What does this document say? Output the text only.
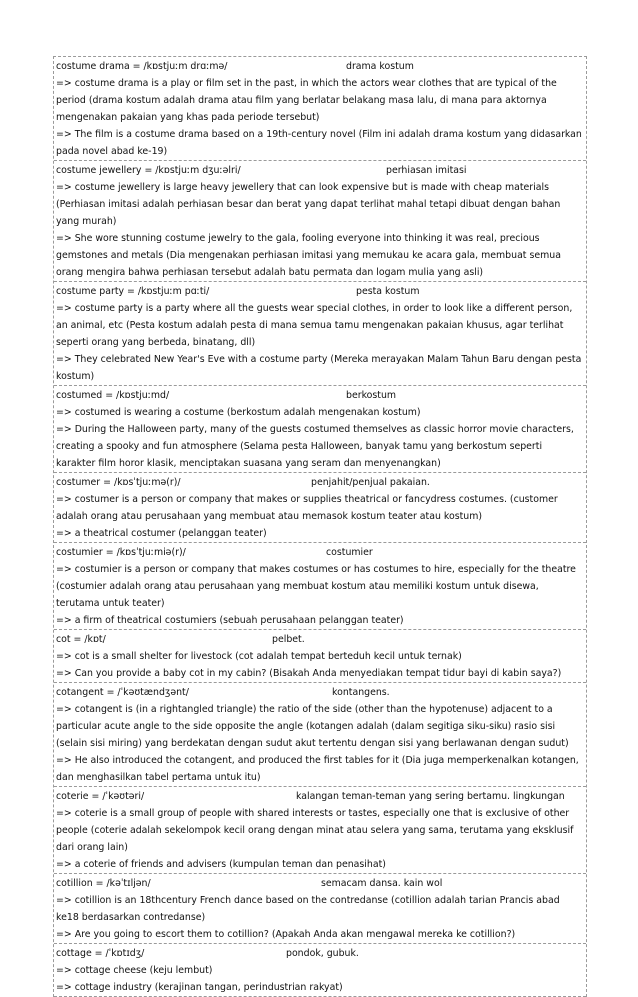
costume drama = /kɒstjuːm drɑːmə/	drama kostum

=> costume drama is a play or film set in the past, in which the actors wear clothes that are typical of the period (drama kostum adalah drama atau film yang berlatar belakang masa lalu, di mana para aktornya mengenakan pakaian yang khas pada periode tersebut)

=> The film is a costume drama based on a 19th-century novel (Film ini adalah drama kostum yang didasarkan pada novel abad ke-19)

costume jewellery = /kɒstjuːm dʒuːəlri/	perhiasan imitasi

=> costume jewellery is large heavy jewellery that can look expensive but is made with cheap materials (Perhiasan imitasi adalah perhiasan besar dan berat yang dapat terlihat mahal tetapi dibuat dengan bahan yang murah)

=> She wore stunning costume jewelry to the gala, fooling everyone into thinking it was real, precious gemstones and metals (Dia mengenakan perhiasan imitasi yang memukau ke acara gala, membuat semua orang mengira bahwa perhiasan tersebut adalah batu permata dan logam mulia yang asli)

costume party = /kɒstjuːm pɑːti/	pesta kostum

=> costume party is a party where all the guests wear special clothes, in order to look like a different person, an animal, etc (Pesta kostum adalah pesta di mana semua tamu mengenakan pakaian khusus, agar terlihat seperti orang yang berbeda, binatang, dll)

=> They celebrated New Year's Eve with a costume party (Mereka merayakan Malam Tahun Baru dengan pesta kostum)

costumed = /kɒstjuːmd/	berkostum

=> costumed is wearing a costume (berkostum adalah mengenakan kostum)

=> During the Halloween party, many of the guests costumed themselves as classic horror movie characters, creating a spooky and fun atmosphere (Selama pesta Halloween, banyak tamu yang berkostum seperti karakter film horor klasik, menciptakan suasana yang seram dan menyenangkan)

costumer = /kɒsˈtjuːmə(r)/	penjahit/penjual pakaian.

=> costumer is a person or company that makes or supplies theatrical or fancydress costumes. (customer adalah orang atau perusahaan yang membuat atau memasok kostum teater atau kostum)

=> a theatrical costumer (pelanggan teater)

costumier = /kɒsˈtjuːmiə(r)/	costumier

=> costumier is a person or company that makes costumes or has costumes to hire, especially for the theatre (costumier adalah orang atau perusahaan yang membuat kostum atau memiliki kostum untuk disewa, terutama untuk teater)

=> a firm of theatrical costumiers (sebuah perusahaan pelanggan teater)

cot = /kɒt/	pelbet.

=> cot is a small shelter for livestock (cot adalah tempat berteduh kecil untuk ternak)

=> Can you provide a baby cot in my cabin? (Bisakah Anda menyediakan tempat tidur bayi di kabin saya?)

cotangent = /ˈkəʊtændʒənt/	kontangens.

=> cotangent is (in a rightangled triangle) the ratio of the side (other than the hypotenuse) adjacent to a particular acute angle to the side opposite the angle (kotangen adalah (dalam segitiga siku-siku) rasio sisi (selain sisi miring) yang berdekatan dengan sudut akut tertentu dengan sisi yang berlawanan dengan sudut)

=> He also introduced the cotangent, and produced the first tables for it (Dia juga memperkenalkan kotangen, dan menghasilkan tabel pertama untuk itu)

coterie = /ˈkəʊtəri/	kalangan teman-teman yang sering bertamu. lingkungan

=> coterie is a small group of people with shared interests or tastes, especially one that is exclusive of other people (coterie adalah sekelompok kecil orang dengan minat atau selera yang sama, terutama yang eksklusif dari orang lain)

=> a coterie of friends and advisers (kumpulan teman dan penasihat)

cotillion = /kəˈtɪljən/	semacam dansa. kain wol

=> cotillion is an 18thcentury French dance based on the contredanse (cotillion adalah tarian Prancis abad ke18 berdasarkan contredanse)

=> Are you going to escort them to cotillion? (Apakah Anda akan mengawal mereka ke cotillion?)

cottage = /ˈkɒtɪdʒ/	pondok, gubuk.

=> cottage cheese (keju lembut)

=> cottage industry (kerajinan tangan, perindustrian rakyat)
